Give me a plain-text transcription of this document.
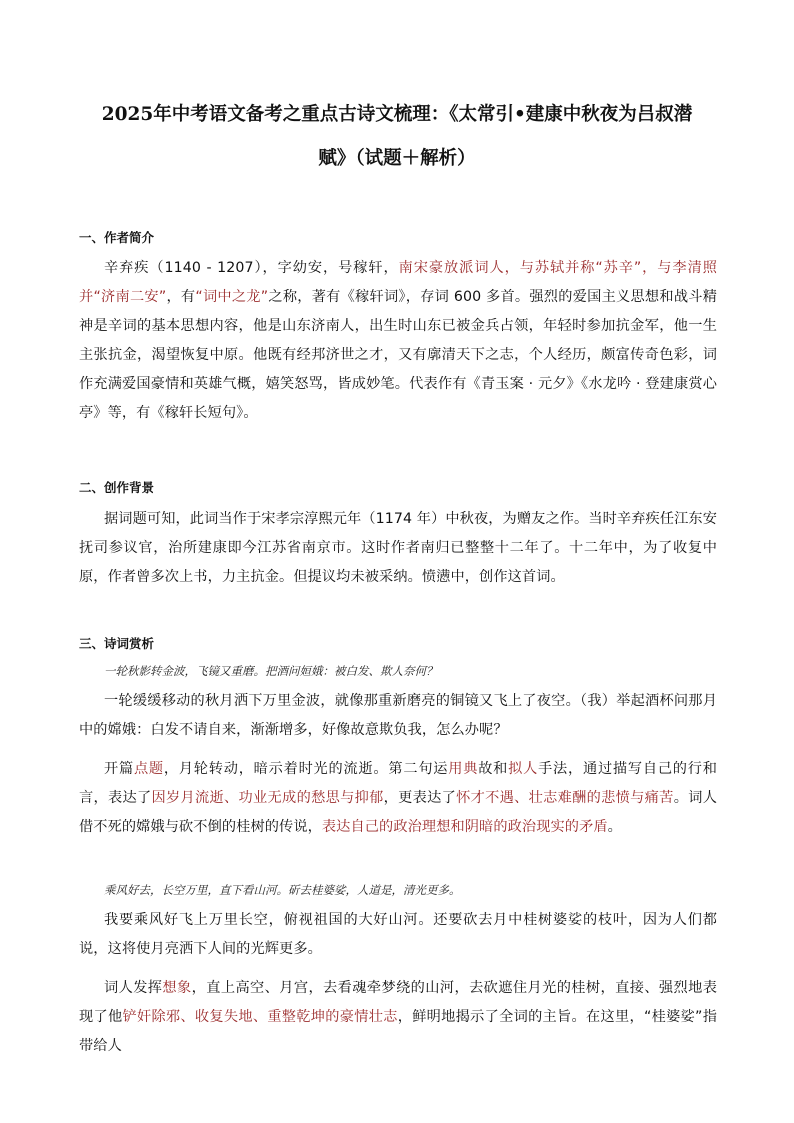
2025年中考语文备考之重点古诗文梳理：《太常引•建康中秋夜为吕叔潜
赋》（试题＋解析）
一、作者简介
辛弃疾（1140 - 1207），字幼安，号稼轩，南宋豪放派词人，与苏轼并称“苏辛”，与李清照并“济南二安”，有“词中之龙”之称，著有《稼轩词》，存词 600 多首。强烈的爱国主义思想和战斗精神是辛词的基本思想内容，他是山东济南人，出生时山东已被金兵占领，年轻时参加抗金军，他一生主张抗金，渴望恢复中原。他既有经邦济世之才，又有廓清天下之志，个人经历，颇富传奇色彩，词作充满爱国豪情和英雄气概，嬉笑怒骂，皆成妙笔。代表作有《青玉案 · 元夕》《水龙吟 · 登建康赏心亭》等，有《稼轩长短句》。
二、创作背景
据词题可知，此词当作于宋孝宗淳熙元年（1174 年）中秋夜，为赠友之作。当时辛弃疾任江东安抚司参议官，治所建康即今江苏省南京市。这时作者南归已整整十二年了。十二年中，为了收复中原，作者曾多次上书，力主抗金。但提议均未被采纳。愤懑中，创作这首词。
三、诗词赏析
一轮秋影转金波，飞镜又重磨。把酒问姮娥：被白发、欺人奈何？
一轮缓缓移动的秋月洒下万里金波，就像那重新磨亮的铜镜又飞上了夜空。（我）举起酒杯问那月中的嫦娥：白发不请自来，渐渐增多，好像故意欺负我，怎么办呢？
开篇点题，月轮转动，暗示着时光的流逝。第二句运用典故和拟人手法，通过描写自己的行和言，表达了因岁月流逝、功业无成的愁思与抑郁，更表达了怀才不遇、壮志难酬的悲愤与痛苦。词人借不死的嫦娥与砍不倒的桂树的传说，表达自己的政治理想和阴暗的政治现实的矛盾。
乘风好去，长空万里，直下看山河。斫去桂婆娑，人道是，清光更多。
我要乘风好飞上万里长空，俯视祖国的大好山河。还要砍去月中桂树婆娑的枝叶，因为人们都说，这将使月亮洒下人间的光辉更多。
词人发挥想象，直上高空、月宫，去看魂牵梦绕的山河，去砍遮住月光的桂树，直接、强烈地表现了他铲奸除邪、收复失地、重整乾坤的豪情壮志，鲜明地揭示了全词的主旨。在这里，“桂婆娑”指带给人
